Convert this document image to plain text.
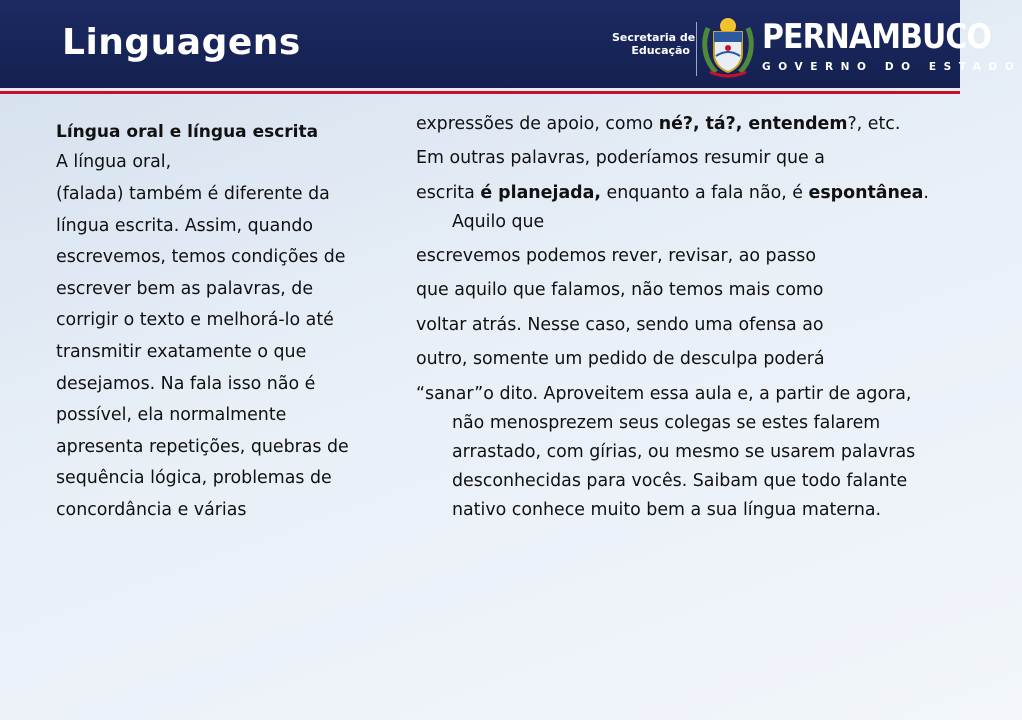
Linguagens	Secretaria de
Educação PERNAMBUCO
GOVERNO DO ESTADO

Língua oral e língua escrita

A língua oral,

(falada) também é diferente da língua escrita. Assim, quando escrevemos, temos condições de escrever bem as palavras, de corrigir o texto e melhorá-lo até transmitir exatamente o que desejamos. Na fala isso não é possível, ela normalmente apresenta repetições, quebras de sequência lógica, problemas de concordância e várias

expressões de apoio, como né?, tá?, entendem?, etc.

Em outras palavras, poderíamos resumir que a

escrita é planejada, enquanto a fala não, é espontânea. Aquilo que

escrevemos podemos rever, revisar, ao passo

que aquilo que falamos, não temos mais como

voltar atrás. Nesse caso, sendo uma ofensa ao

outro, somente um pedido de desculpa poderá

“sanar”o dito. Aproveitem essa aula e, a partir de agora, não menosprezem seus colegas se estes falarem arrastado, com gírias, ou mesmo se usarem palavras desconhecidas para vocês. Saibam que todo falante nativo conhece muito bem a sua língua materna.
